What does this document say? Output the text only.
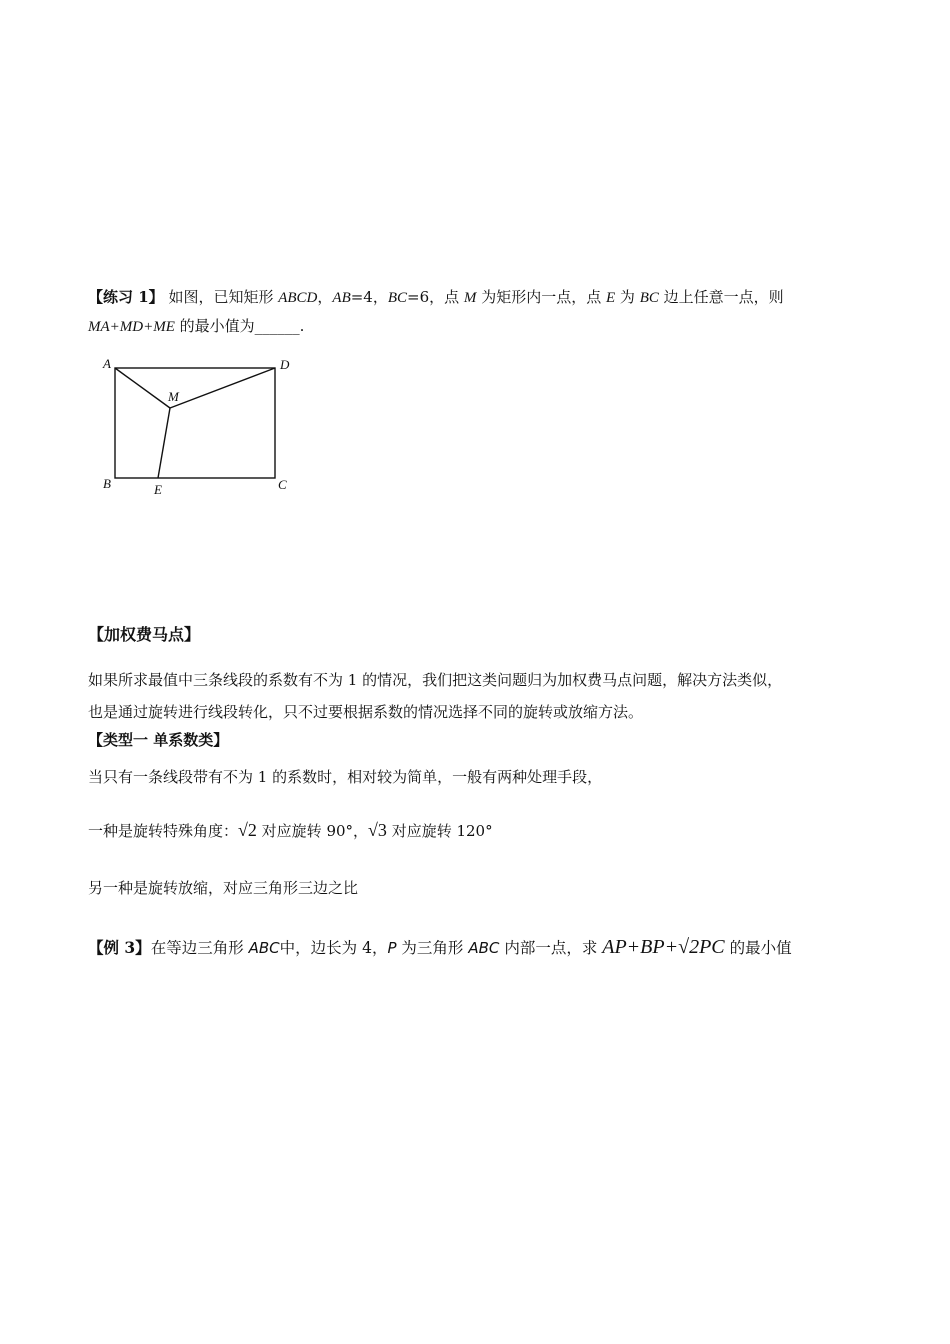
【练习 1】 如图，已知矩形 ABCD，AB=4，BC=6，点 M 为矩形内一点，点 E 为 BC 边上任意一点，则
MA+MD+ME 的最小值为______.
A	D
M
B	E	C
【加权费马点】
如果所求最值中三条线段的系数有不为 1 的情况，我们把这类问题归为加权费马点问题，解决方法类似，
也是通过旋转进行线段转化，只不过要根据系数的情况选择不同的旋转或放缩方法。
【类型一 单系数类】
当只有一条线段带有不为 1 的系数时，相对较为简单，一般有两种处理手段，
一种是旋转特殊角度：√2 对应旋转 90°，√3 对应旋转 120°
另一种是旋转放缩，对应三角形三边之比
【例 3】在等边三角形 ABC中，边长为 4，P 为三角形 ABC 内部一点，求 AP+BP+√2PC 的最小值
